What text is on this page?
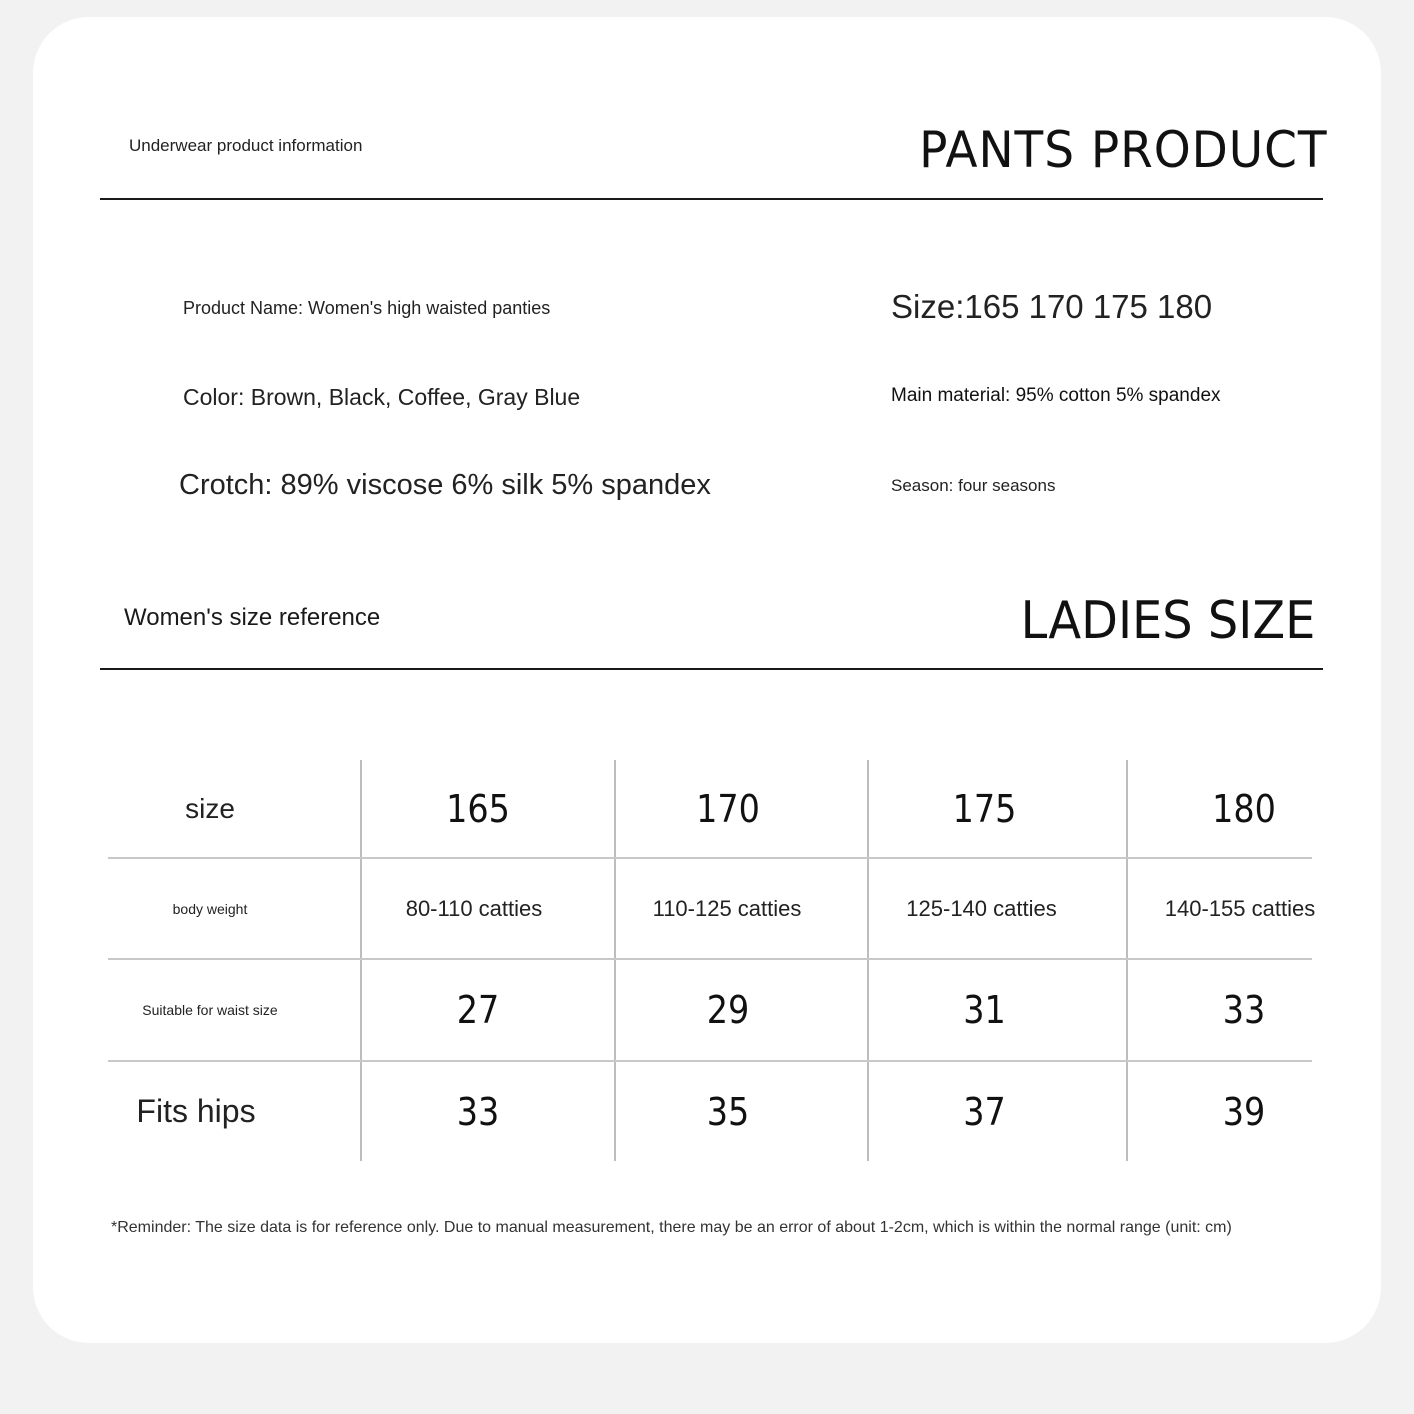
Underwear product information	PANTS PRODUCT
Product Name: Women's high waisted panties
Color: Brown, Black, Coffee, Gray Blue
Crotch: 89% viscose 6% silk 5% spandex
Size:165 170 175 180
Main material: 95% cotton 5% spandex
Season: four seasons
Women's size reference	LADIES SIZE
size	165	170	175	180
body weight	80-110 catties	110-125 catties	125-140 catties	140-155 catties
Suitable for waist size	27	29	31	33
Fits hips	33	35	37	39
*Reminder: The size data is for reference only. Due to manual measurement, there may be an error of about 1-2cm, which is within the normal range (unit: cm)
